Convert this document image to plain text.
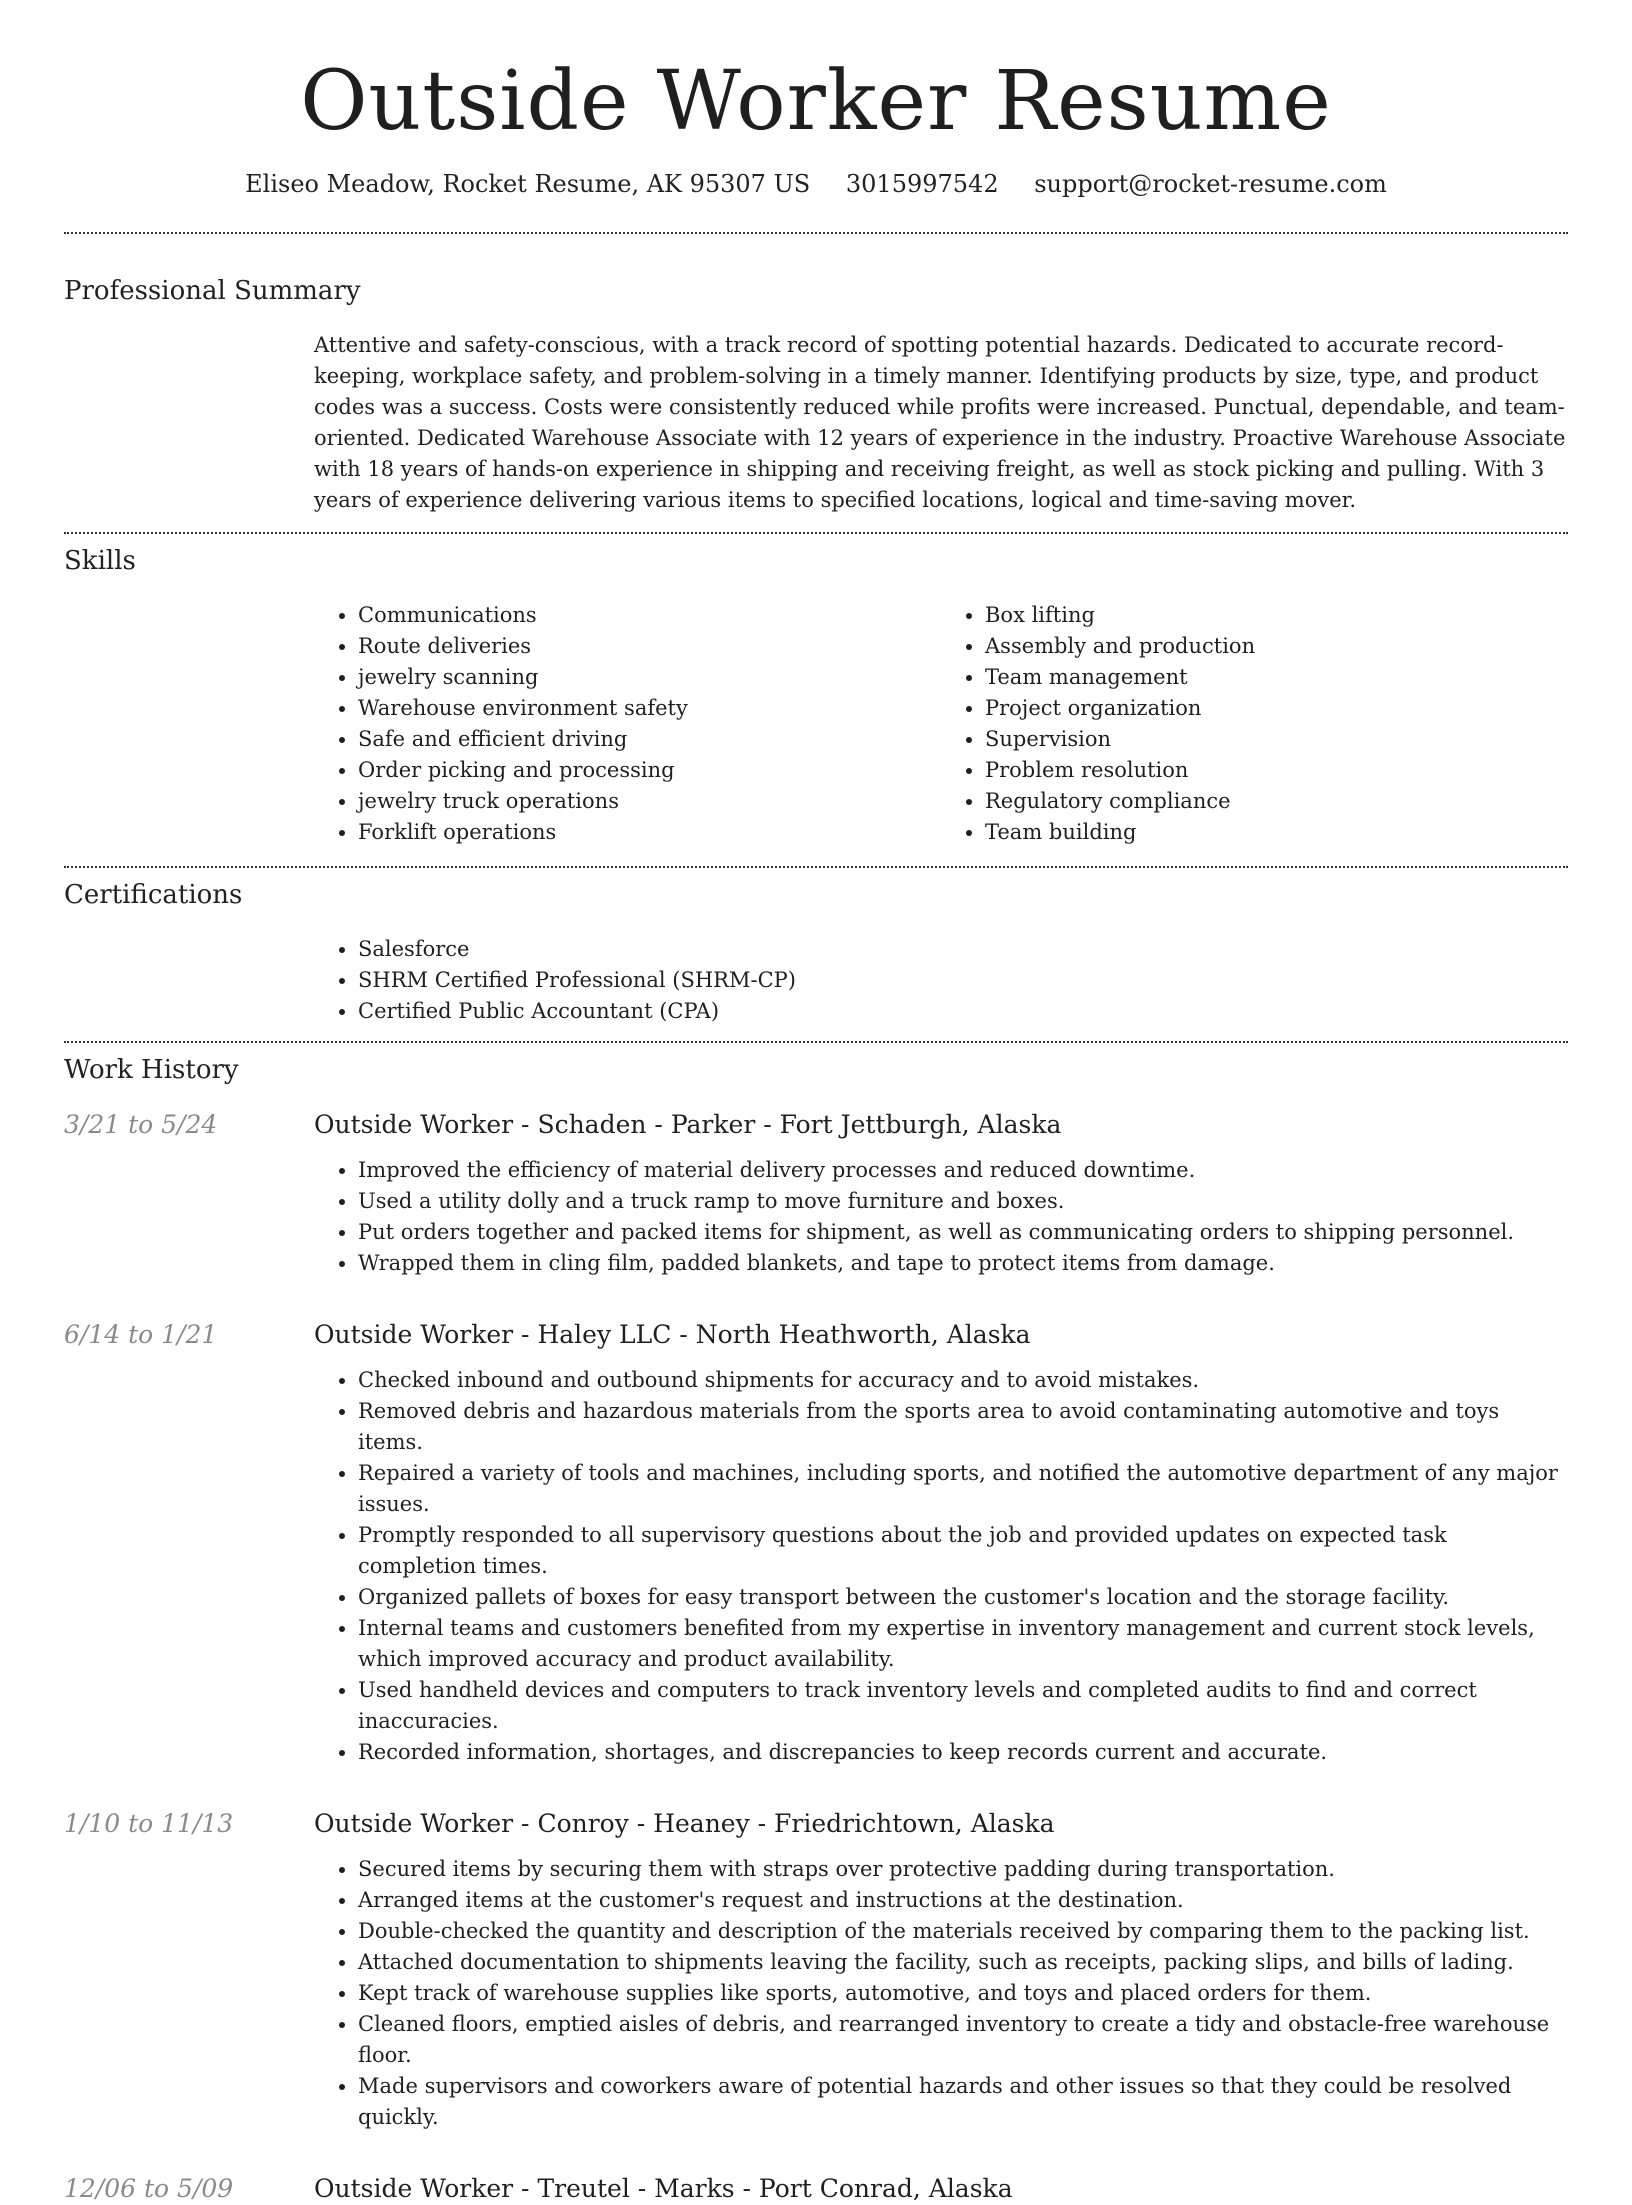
Outside Worker Resume
Eliseo Meadow, Rocket Resume, AK 95307 US 3015997542 support@rocket-resume.com
Professional Summary

Attentive and safety-conscious, with a track record of spotting potential hazards. Dedicated to accurate record-keeping, workplace safety, and problem-solving in a timely manner. Identifying products by size, type, and product codes was a success. Costs were consistently reduced while profits were increased. Punctual, dependable, and team-oriented. Dedicated Warehouse Associate with 12 years of experience in the industry. Proactive Warehouse Associate with 18 years of hands-on experience in shipping and receiving freight, as well as stock picking and pulling. With 3 years of experience delivering various items to specified locations, logical and time-saving mover.

Skills
• Communications
• Route deliveries
• jewelry scanning
• Warehouse environment safety
• Safe and efficient driving
• Order picking and processing
• jewelry truck operations
• Forklift operations
• Box lifting
• Assembly and production
• Team management
• Project organization
• Supervision
• Problem resolution
• Regulatory compliance
• Team building
Certifications
• Salesforce
• SHRM Certified Professional (SHRM-CP)
• Certified Public Accountant (CPA)
Work History
3/21 to 5/24	Outside Worker - Schaden - Parker - Fort Jettburgh, Alaska
• Improved the efficiency of material delivery processes and reduced downtime.
• Used a utility dolly and a truck ramp to move furniture and boxes.
• Put orders together and packed items for shipment, as well as communicating orders to shipping personnel.
• Wrapped them in cling film, padded blankets, and tape to protect items from damage.
6/14 to 1/21	Outside Worker - Haley LLC - North Heathworth, Alaska
• Checked inbound and outbound shipments for accuracy and to avoid mistakes.
• Removed debris and hazardous materials from the sports area to avoid contaminating automotive and toys items.
• Repaired a variety of tools and machines, including sports, and notified the automotive department of any major issues.
• Promptly responded to all supervisory questions about the job and provided updates on expected task completion times.
• Organized pallets of boxes for easy transport between the customer's location and the storage facility.
• Internal teams and customers benefited from my expertise in inventory management and current stock levels, which improved accuracy and product availability.
• Used handheld devices and computers to track inventory levels and completed audits to find and correct inaccuracies.
• Recorded information, shortages, and discrepancies to keep records current and accurate.
1/10 to 11/13	Outside Worker - Conroy - Heaney - Friedrichtown, Alaska
• Secured items by securing them with straps over protective padding during transportation.
• Arranged items at the customer's request and instructions at the destination.
• Double-checked the quantity and description of the materials received by comparing them to the packing list.
• Attached documentation to shipments leaving the facility, such as receipts, packing slips, and bills of lading.
• Kept track of warehouse supplies like sports, automotive, and toys and placed orders for them.
• Cleaned floors, emptied aisles of debris, and rearranged inventory to create a tidy and obstacle-free warehouse floor.
• Made supervisors and coworkers aware of potential hazards and other issues so that they could be resolved quickly.
12/06 to 5/09	Outside Worker - Treutel - Marks - Port Conrad, Alaska
